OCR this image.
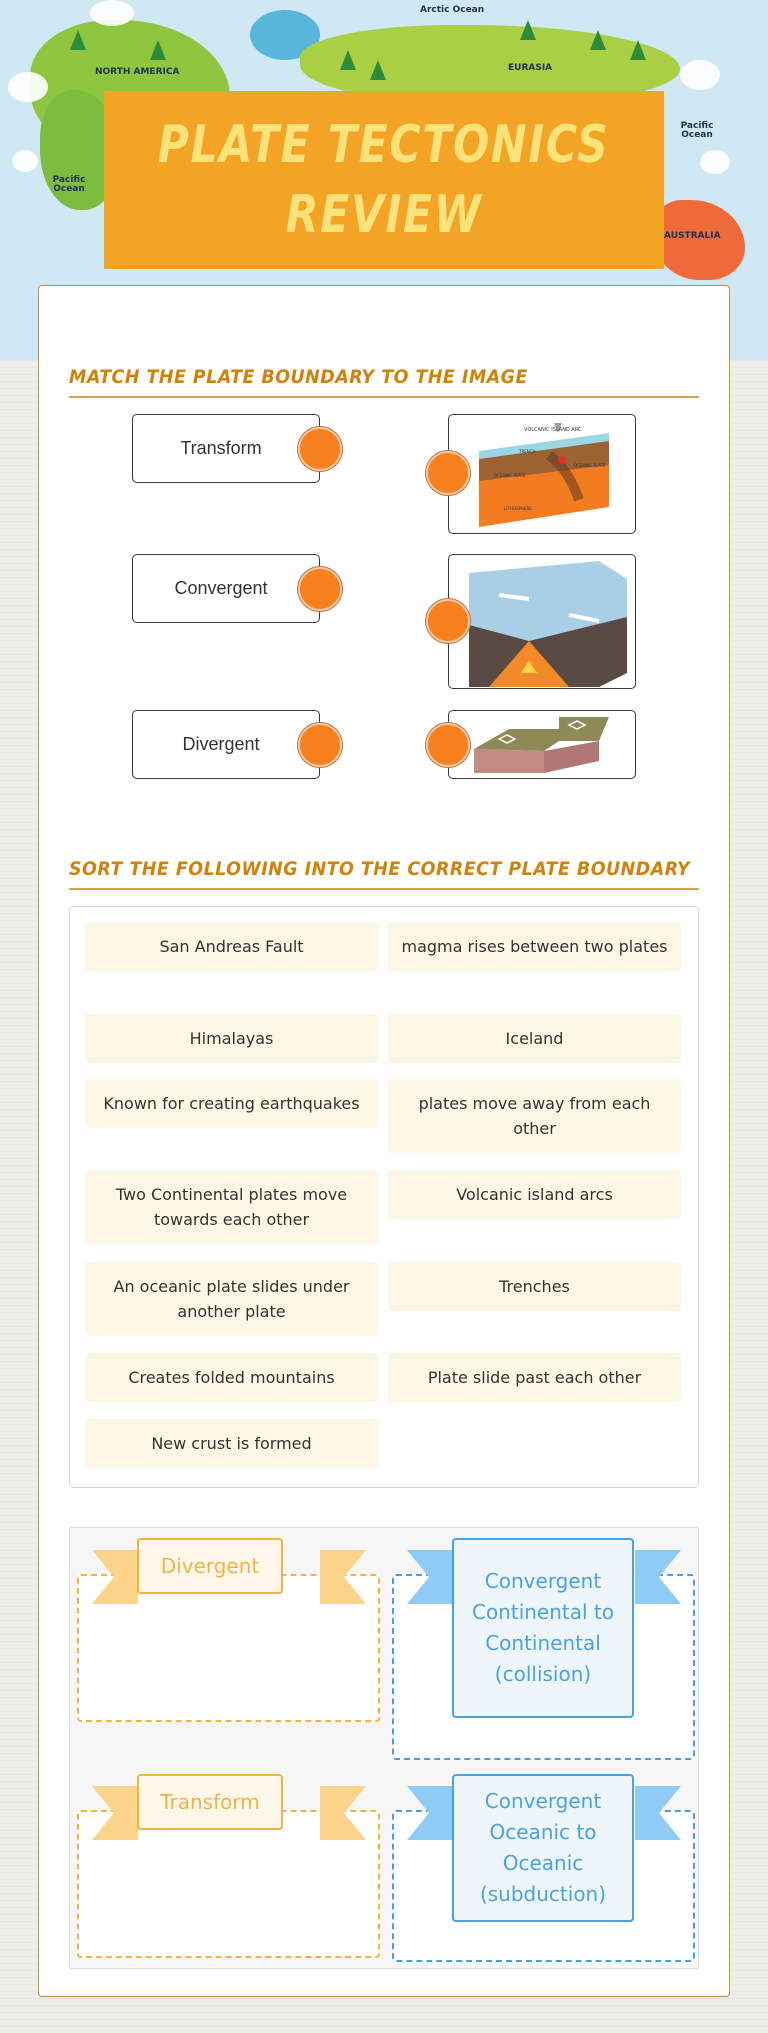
Arctic Ocean
NORTH AMERICA	EURASIA
Pacific Ocean
Pacific Ocean
AUSTRALIA
PLATE TECTONICS
REVIEW
MATCH THE PLATE BOUNDARY TO THE IMAGE
Transform
Convergent
Divergent
VOLCANIC ISLAND ARC
TRENCH
OCEANIC PLATE
OCEANIC PLATE
LITHOSPHERE
SORT THE FOLLOWING INTO THE CORRECT PLATE BOUNDARY
San Andreas Fault	magma rises between two plates
Himalayas	Iceland
Known for creating earthquakes	plates move away from each other
Two Continental plates move towards each other
Volcanic island arcs
An oceanic plate slides under another plate
Trenches
Creates folded mountains	Plate slide past each other
New crust is formed
Divergent
Convergent Continental to Continental (collision)
Transform	Convergent Oceanic to Oceanic (subduction)
